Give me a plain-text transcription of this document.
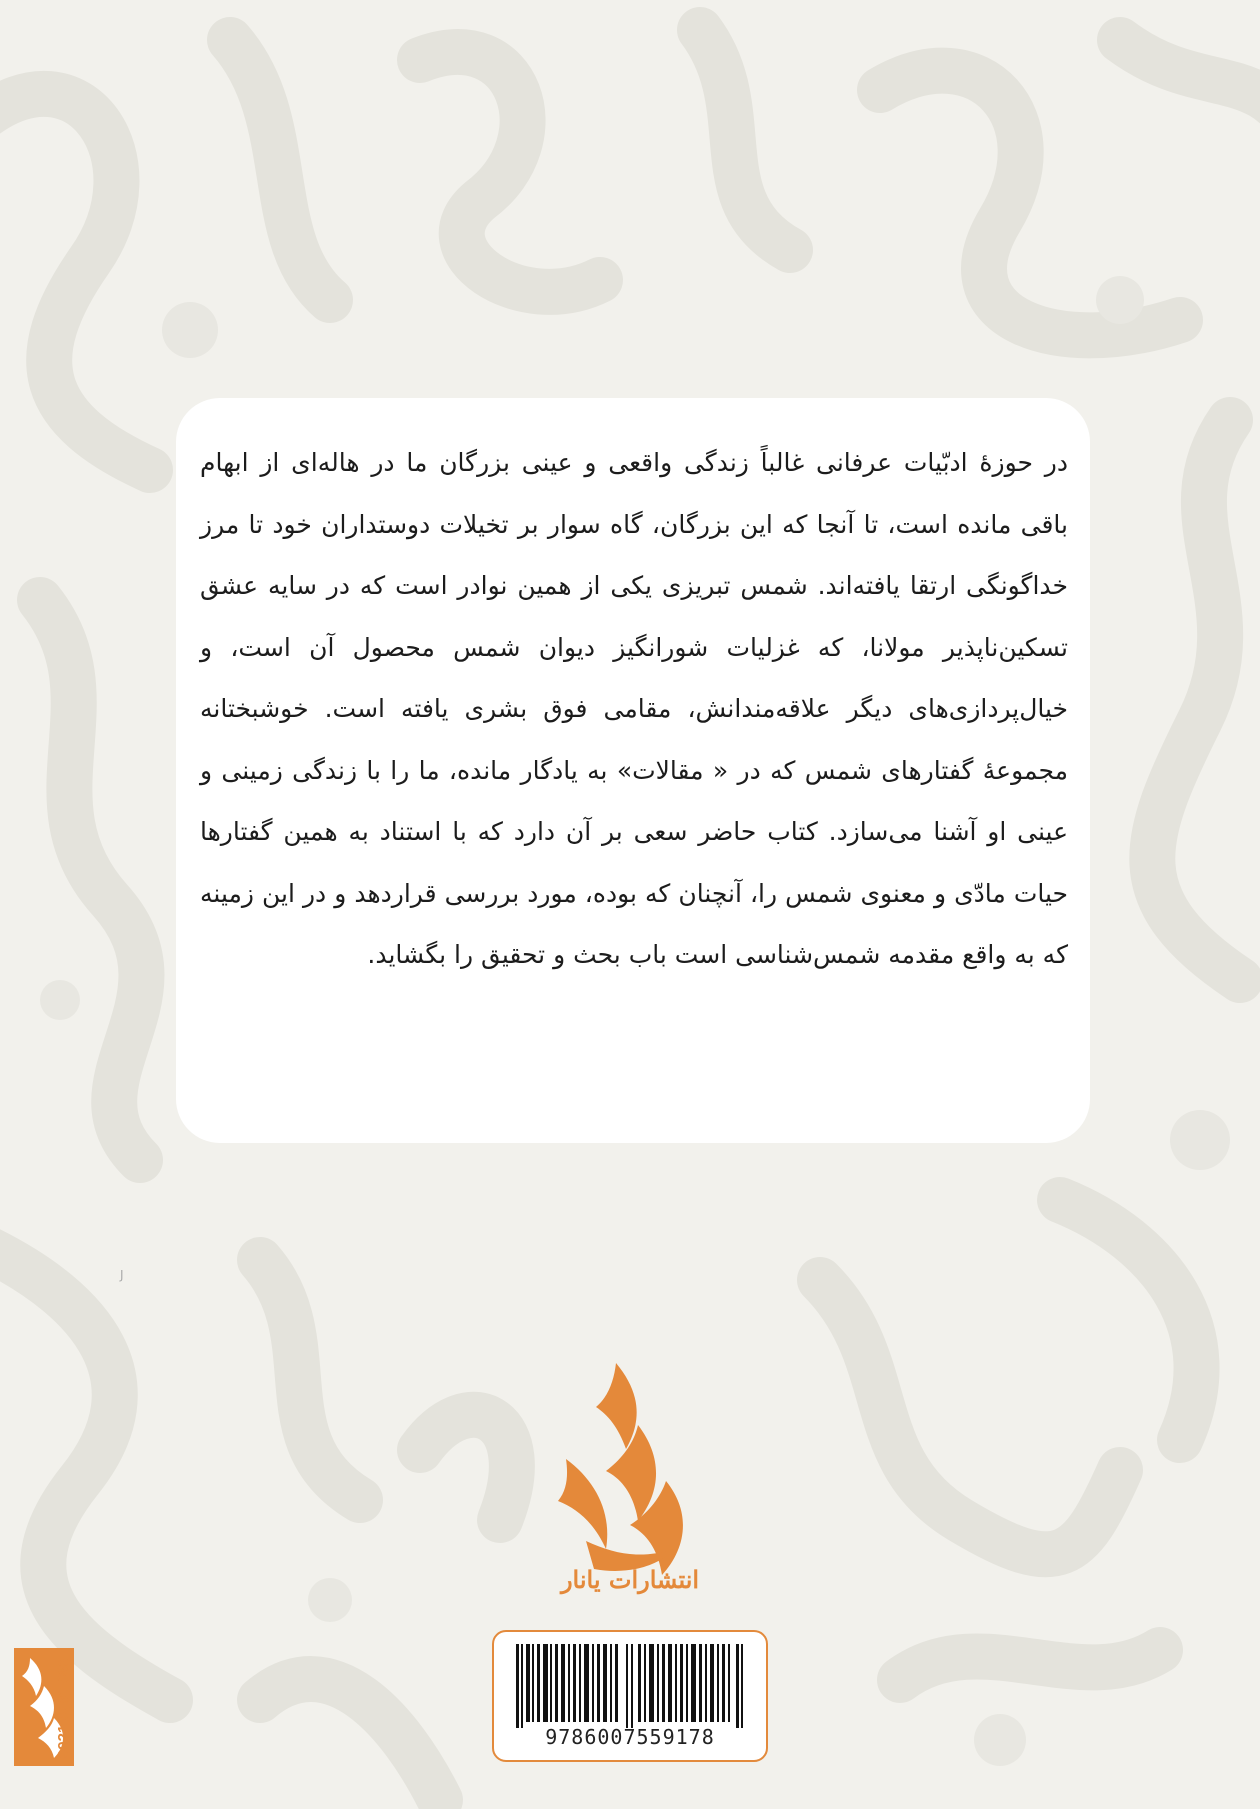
در حوزهٔ ادبّیات عرفانی غالباً زندگی واقعی و عینی بزرگان ما در هاله‌ای از ابهام باقی مانده است، تا آنجا که این بزرگان، گاه سوار بر تخیلات دوستداران خود تا مرز خداگونگی ارتقا یافته‌اند. شمس تبریزی یکی از همین نوادر است که در سایه عشق تسکین‌ناپذیر مولانا، که غزلیات شورانگیز دیوان شمس محصول آن است، و خیال‌پردازی‌های دیگر علاقه‌مندانش، مقامی فوق بشری یافته است. خوشبختانه مجموعهٔ گفتارهای شمس که در « مقالات» به یادگار مانده، ما را با زندگی زمینی و عینی او آشنا می‌سازد. کتاب حاضر سعی بر آن دارد که با استناد به همین گفتارها حیات مادّی و معنوی شمس را، آنچنان که بوده، مورد بررسی قراردهد و در این زمینه که به واقع مقدمه شمس‌شناسی است باب بحث و تحقیق را بگشاید.

J
انتشارات یانار
9786007559178
0921 0791 083
